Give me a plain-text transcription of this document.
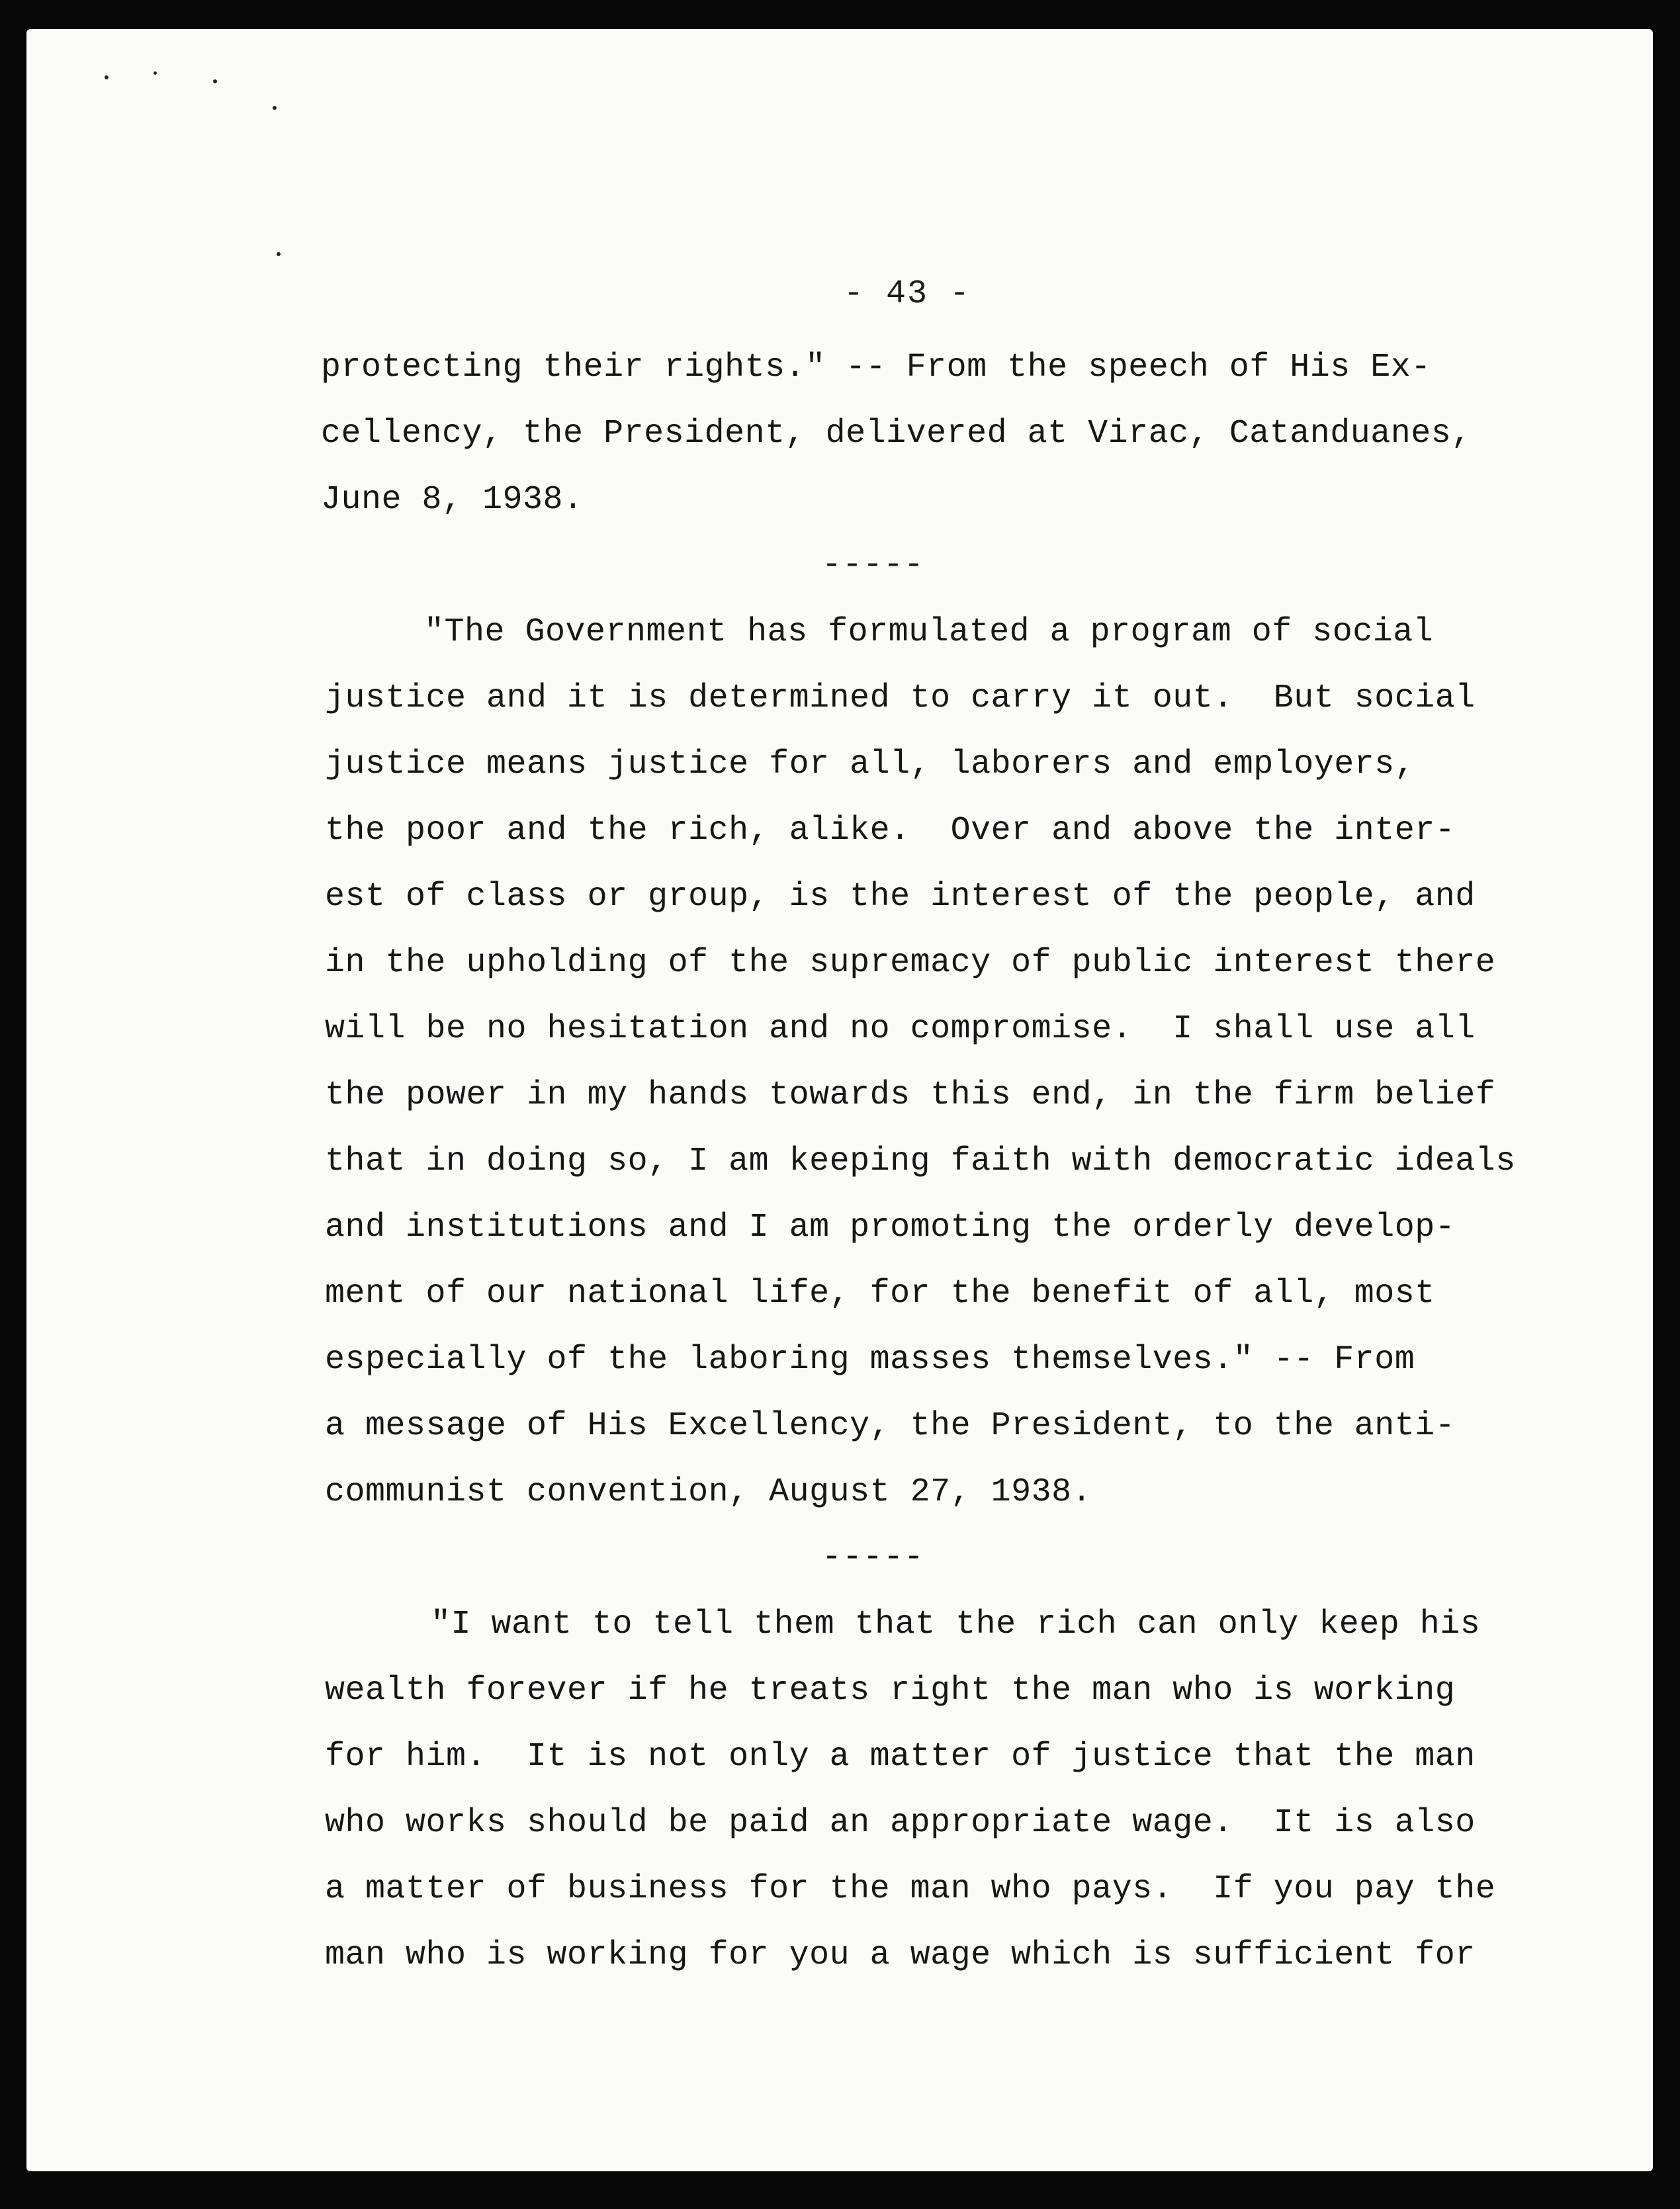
- 43 -
protecting their rights." -- From the speech of His Ex-
cellency, the President, delivered at Virac, Catanduanes,
June 8, 1938.
-----
"The Government has formulated a program of social
justice and it is determined to carry it out.  But social
justice means justice for all, laborers and employers,
the poor and the rich, alike.  Over and above the inter-
est of class or group, is the interest of the people, and
in the upholding of the supremacy of public interest there
will be no hesitation and no compromise.  I shall use all
the power in my hands towards this end, in the firm belief
that in doing so, I am keeping faith with democratic ideals
and institutions and I am promoting the orderly develop-
ment of our national life, for the benefit of all, most
especially of the laboring masses themselves." -- From
a message of His Excellency, the President, to the anti-
communist convention, August 27, 1938.
-----
"I want to tell them that the rich can only keep his
wealth forever if he treats right the man who is working
for him.  It is not only a matter of justice that the man
who works should be paid an appropriate wage.  It is also
a matter of business for the man who pays.  If you pay the
man who is working for you a wage which is sufficient for
